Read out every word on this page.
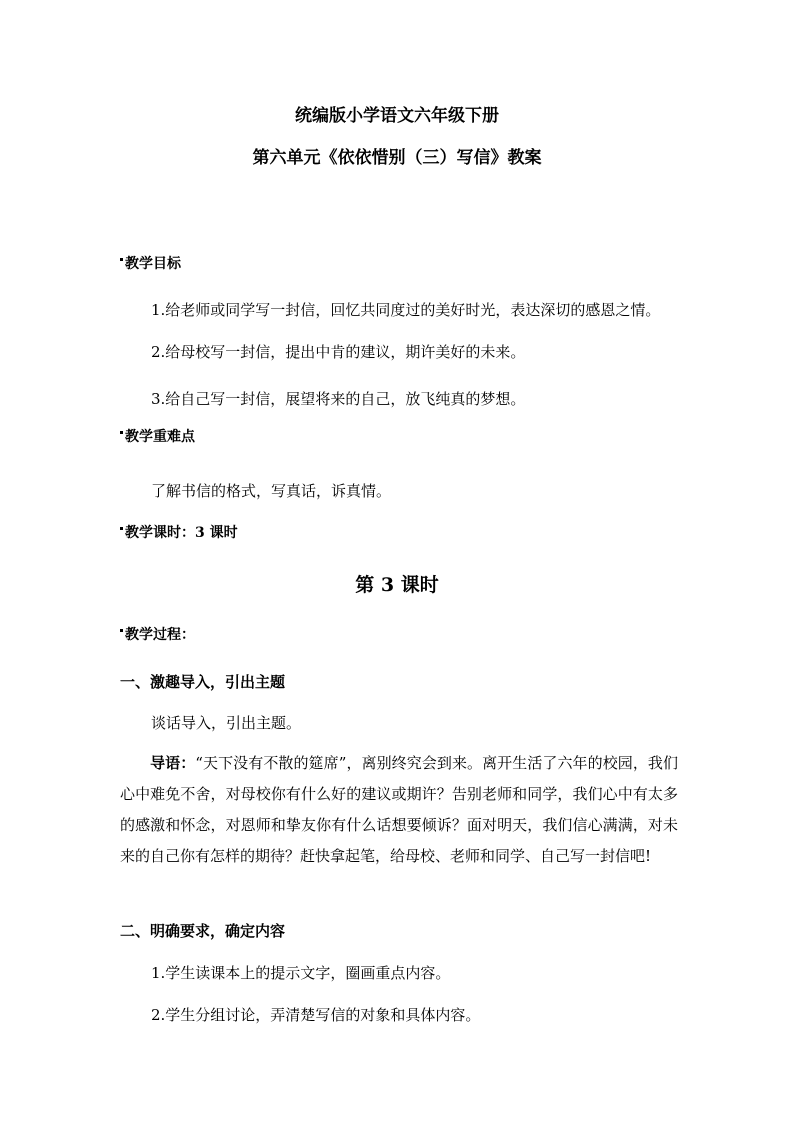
统编版小学语文六年级下册
第六单元《依依惜别（三）写信》教案
教学目标
1.给老师或同学写一封信，回忆共同度过的美好时光，表达深切的感恩之情。
2.给母校写一封信，提出中肯的建议，期许美好的未来。
3.给自己写一封信，展望将来的自己，放飞纯真的梦想。
教学重难点
了解书信的格式，写真话，诉真情。
教学课时：3 课时
第 3 课时
教学过程：
一、激趣导入，引出主题
谈话导入，引出主题。
导语：“天下没有不散的筵席”，离别终究会到来。离开生活了六年的校园，我们心中难免不舍，对母校你有什么好的建议或期许？告别老师和同学，我们心中有太多的感激和怀念，对恩师和挚友你有什么话想要倾诉？面对明天，我们信心满满，对未来的自己你有怎样的期待？赶快拿起笔，给母校、老师和同学、自己写一封信吧!
二、明确要求，确定内容
1.学生读课本上的提示文字，圈画重点内容。
2.学生分组讨论，弄清楚写信的对象和具体内容。
